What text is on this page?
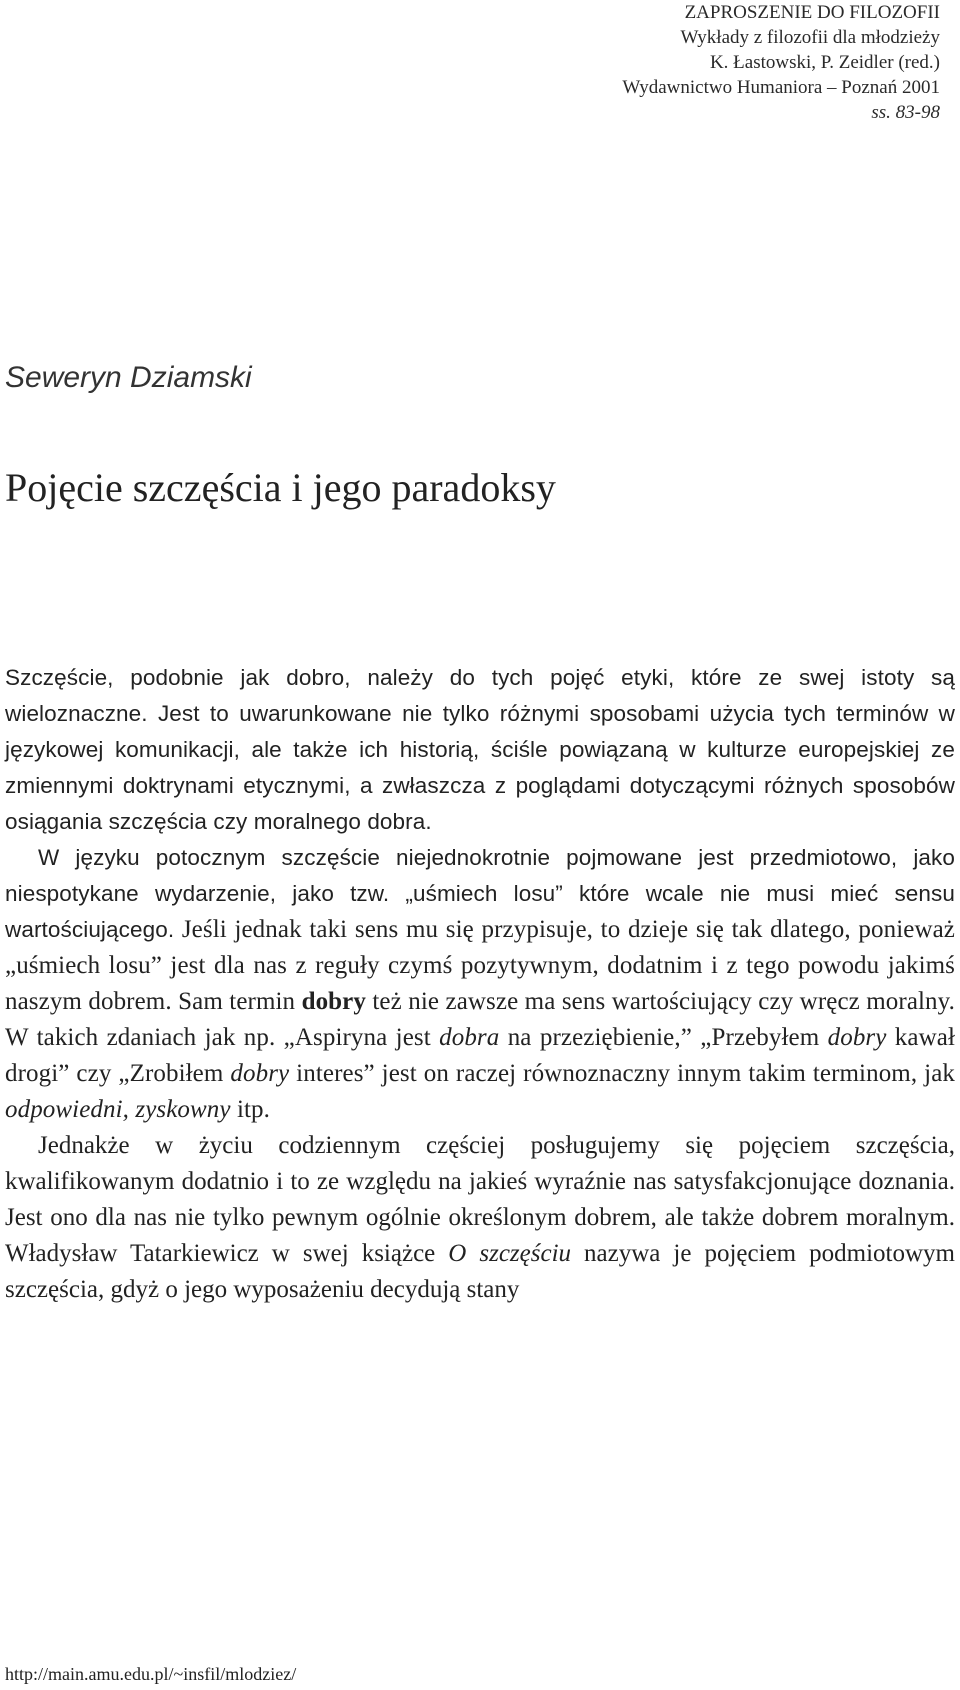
ZAPROSZENIE DO FILOZOFII
Wykłady z filozofii dla młodzieży
K. Łastowski, P. Zeidler (red.)
Wydawnictwo Humaniora – Poznań 2001
ss. 83-98
Seweryn Dziamski
Pojęcie szczęścia i jego paradoksy

Szczęście, podobnie jak dobro, należy do tych pojęć etyki, które ze swej istoty są wieloznaczne. Jest to uwarunkowane nie tylko różnymi sposobami użycia tych terminów w językowej komunikacji, ale także ich historią, ściśle powiązaną w kulturze europejskiej ze zmiennymi doktrynami etycznymi, a zwłaszcza z poglądami dotyczącymi różnych sposobów osiągania szczęścia czy moralnego dobra.

W języku potocznym szczęście niejednokrotnie pojmowane jest przedmiotowo, jako niespotykane wydarzenie, jako tzw. „uśmiech losu” które wcale nie musi mieć sensu wartościującego. Jeśli jednak taki sens mu się przypisuje, to dzieje się tak dlatego, ponieważ „uśmiech losu” jest dla nas z reguły czymś pozytywnym, dodatnim i z tego powodu jakimś naszym dobrem. Sam termin dobry też nie zawsze ma sens wartościujący czy wręcz moralny. W takich zdaniach jak np. „Aspiryna jest dobra na przeziębienie,” „Przebyłem dobry kawał drogi” czy „Zrobiłem dobry interes” jest on raczej równoznaczny innym takim terminom, jak odpowiedni, zyskowny itp.

Jednakże w życiu codziennym częściej posługujemy się pojęciem szczęścia, kwalifikowanym dodatnio i to ze względu na jakieś wyraźnie nas satysfakcjonujące doznania. Jest ono dla nas nie tylko pewnym ogólnie określonym dobrem, ale także dobrem moralnym. Władysław Tatarkiewicz w swej książce O szczęściu nazywa je pojęciem podmiotowym szczęścia, gdyż o jego wyposażeniu decydują stany

http://main.amu.edu.pl/~insfil/mlodziez/
